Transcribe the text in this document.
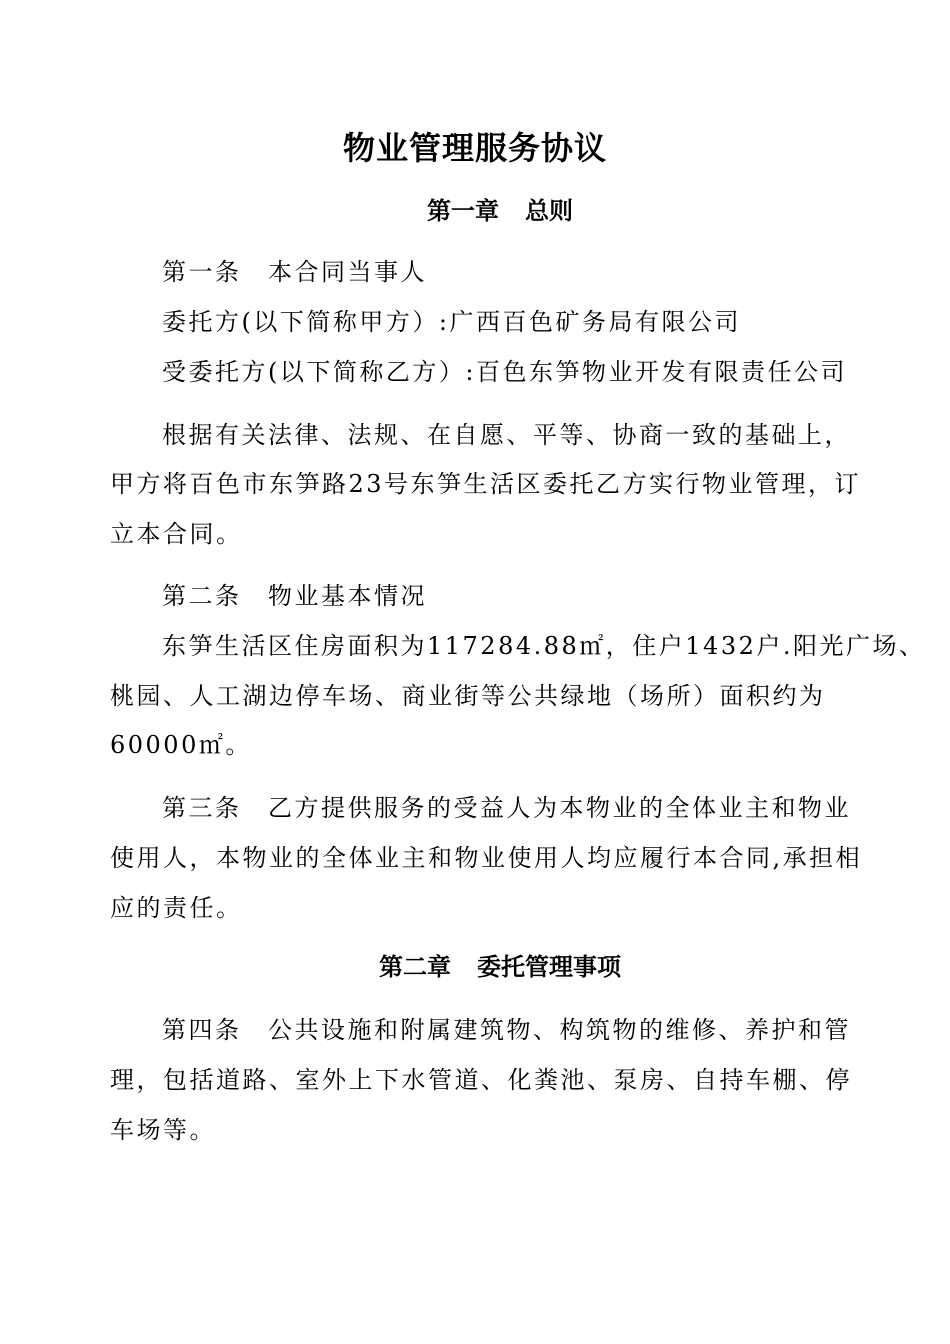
物业管理服务协议
第一章 总则
第一条　本合同当事人
委托方(以下简称甲方）:广西百色矿务局有限公司
受委托方(以下简称乙方）:百色东笋物业开发有限责任公司
根据有关法律、法规、在自愿、平等、协商一致的基础上，
甲方将百色市东笋路23号东笋生活区委托乙方实行物业管理，订
立本合同。
第二条　物业基本情况
东笋生活区住房面积为117284.88㎡，住户1432户.阳光广场、
桃园、人工湖边停车场、商业街等公共绿地（场所）面积约为
60000㎡。
第三条　乙方提供服务的受益人为本物业的全体业主和物业
使用人，本物业的全体业主和物业使用人均应履行本合同,承担相
应的责任。
第二章 委托管理事项
第四条　公共设施和附属建筑物、构筑物的维修、养护和管
理，包括道路、室外上下水管道、化粪池、泵房、自持车棚、停
车场等。
